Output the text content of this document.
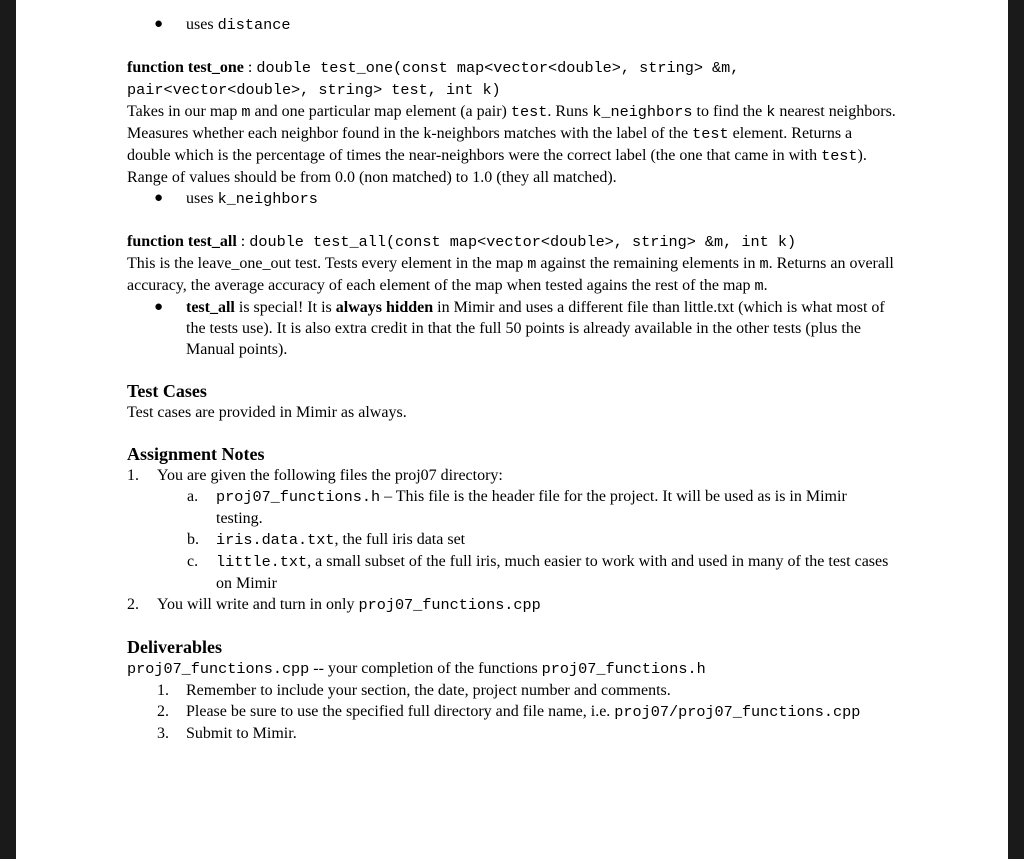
● uses distance
function test_one : double test_one(const map<vector<double>, string> &m, pair<vector<double>, string> test, int k)
Takes in our map m and one particular map element (a pair) test. Runs k_neighbors to find the k nearest neighbors. Measures whether each neighbor found in the k-neighbors matches with the label of the test element. Returns a double which is the percentage of times the near-neighbors were the correct label (the one that came in with test). Range of values should be from 0.0 (non matched) to 1.0 (they all matched).
● uses k_neighbors
function test_all : double test_all(const map<vector<double>, string> &m, int k)
This is the leave_one_out test. Tests every element in the map m against the remaining elements in m. Returns an overall accuracy, the average accuracy of each element of the map when tested agains the rest of the map m.
● test_all is special! It is always hidden in Mimir and uses a different file than little.txt (which is what most of the tests use). It is also extra credit in that the full 50 points is already available in the other tests (plus the Manual points).
Test Cases
Test cases are provided in Mimir as always.
Assignment Notes
1. You are given the following files the proj07 directory:
a. proj07_functions.h – This file is the header file for the project. It will be used as is in Mimir testing.
b. iris.data.txt, the full iris data set
c. little.txt, a small subset of the full iris, much easier to work with and used in many of the test cases on Mimir
2. You will write and turn in only proj07_functions.cpp
Deliverables
proj07_functions.cpp -- your completion of the functions proj07_functions.h
1. Remember to include your section, the date, project number and comments.
2. Please be sure to use the specified full directory and file name, i.e. proj07/proj07_functions.cpp
3. Submit to Mimir.
